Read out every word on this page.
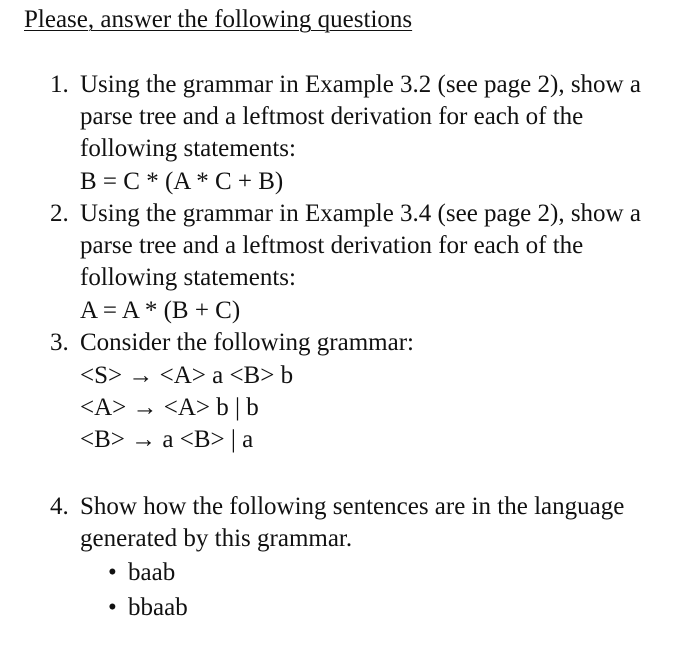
Please, answer the following questions
1. Using the grammar in Example 3.2 (see page 2), show a
parse tree and a leftmost derivation for each of the
following statements:
B = C * (A * C + B)
2. Using the grammar in Example 3.4 (see page 2), show a
parse tree and a leftmost derivation for each of the
following statements:
A = A * (B + C)
3. Consider the following grammar:
<S> → <A> a <B> b
<A> → <A> b | b
<B> → a <B> | a
4. Show how the following sentences are in the language
generated by this grammar.
• baab
• bbaab
